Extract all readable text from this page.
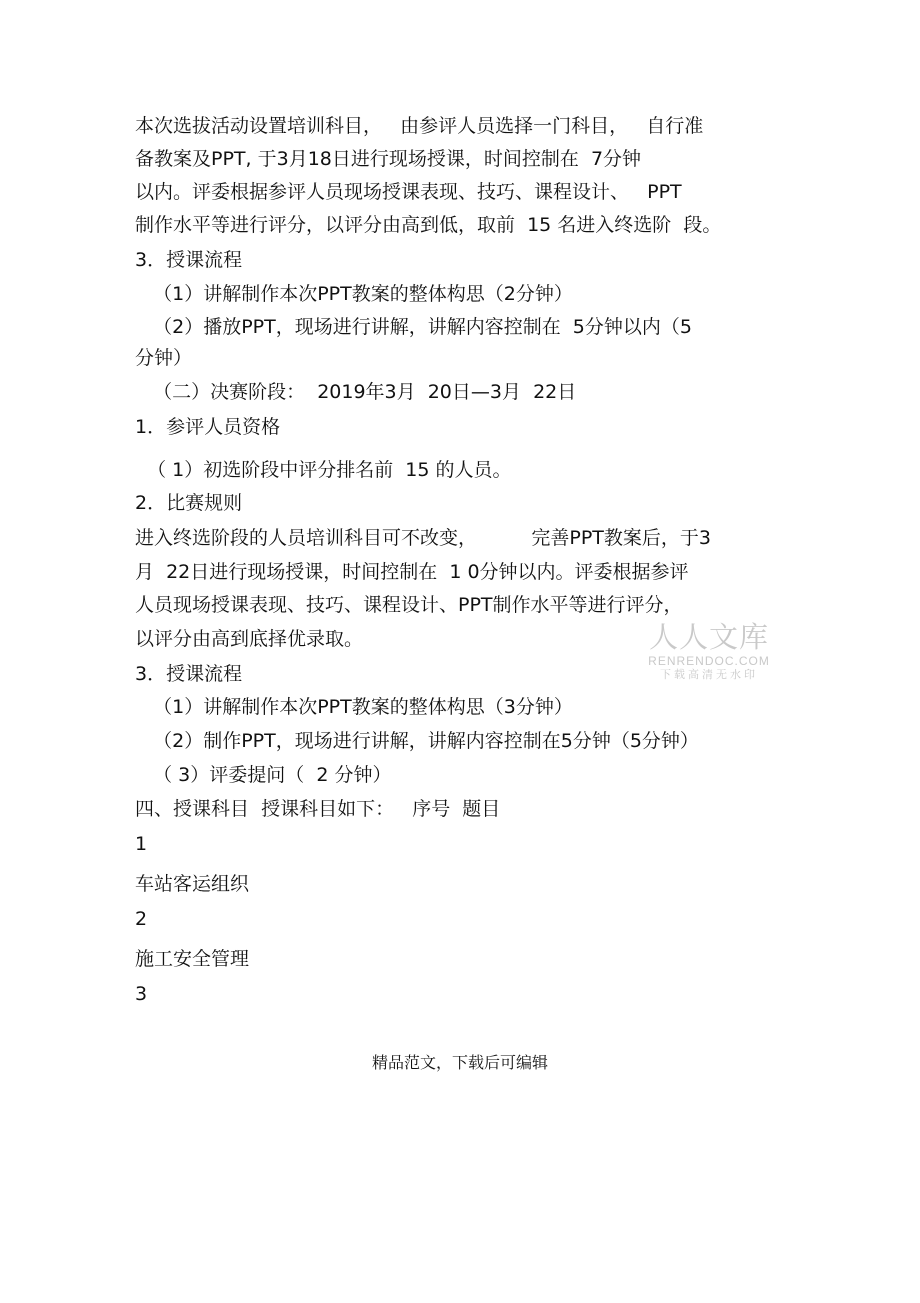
本次选拔活动设置培训科目，   由参评人员选择一门科目，   自行准
备教案及PPT, 于3月18日进行现场授课，时间控制在  7分钟
以内。评委根据参评人员现场授课表现、技巧、课程设计、   PPT
制作水平等进行评分，以评分由高到低，取前  15 名进入终选阶  段。
3．授课流程
（1）讲解制作本次PPT教案的整体构思（2分钟）
（2）播放PPT，现场进行讲解，讲解内容控制在  5分钟以内（5
分钟）
（二）决赛阶段：  2019年3月  20日—3月  22日
1．参评人员资格
（ 1）初选阶段中评分排名前  15 的人员。
2．比赛规则
进入终选阶段的人员培训科目可不改变，         完善PPT教案后，于3
月  22日进行现场授课，时间控制在  1 0分钟以内。评委根据参评
人员现场授课表现、技巧、课程设计、PPT制作水平等进行评分，
以评分由高到底择优录取。
3．授课流程
（1）讲解制作本次PPT教案的整体构思（3分钟）
（2）制作PPT，现场进行讲解，讲解内容控制在5分钟（5分钟）
（ 3）评委提问（  2 分钟）
四、授课科目  授课科目如下：   序号  题目
1
车站客运组织
2
施工安全管理
3
精品范文，下载后可编辑
人人文库
RENRENDOC.COM
下载高清无水印
